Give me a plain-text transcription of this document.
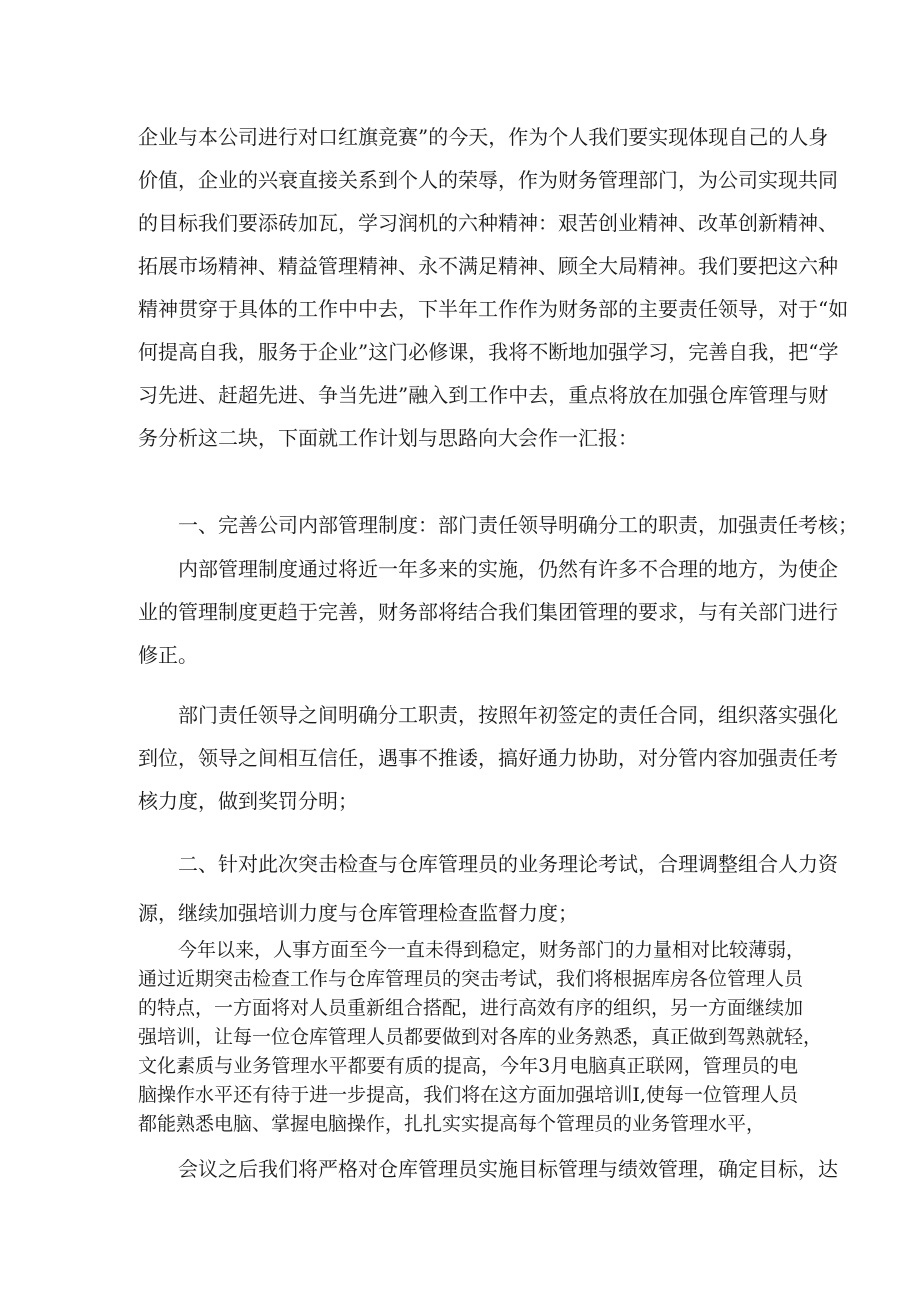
企业与本公司进行对口红旗竞赛”的今天，作为个人我们要实现体现自己的人身
价值，企业的兴衰直接关系到个人的荣辱，作为财务管理部门，为公司实现共同
的目标我们要添砖加瓦，学习润机的六种精神：艰苦创业精神、改革创新精神、
拓展市场精神、精益管理精神、永不满足精神、顾全大局精神。我们要把这六种
精神贯穿于具体的工作中中去，下半年工作作为财务部的主要责任领导，对于“如
何提高自我，服务于企业”这门必修课，我将不断地加强学习，完善自我，把“学
习先进、赶超先进、争当先进”融入到工作中去，重点将放在加强仓库管理与财
务分析这二块，下面就工作计划与思路向大会作一汇报：
一、完善公司内部管理制度：部门责任领导明确分工的职责，加强责任考核；
内部管理制度通过将近一年多来的实施，仍然有许多不合理的地方，为使企
业的管理制度更趋于完善，财务部将结合我们集团管理的要求，与有关部门进行
修正。
部门责任领导之间明确分工职责，按照年初签定的责任合同，组织落实强化
到位，领导之间相互信任，遇事不推诿，搞好通力协助，对分管内容加强责任考
核力度，做到奖罚分明；
二、针对此次突击检查与仓库管理员的业务理论考试，合理调整组合人力资
源，继续加强培训力度与仓库管理检查监督力度；
今年以来，人事方面至今一直未得到稳定，财务部门的力量相对比较薄弱，
通过近期突击检查工作与仓库管理员的突击考试，我们将根据库房各位管理人员
的特点，一方面将对人员重新组合搭配，进行高效有序的组织，另一方面继续加
强培训，让每一位仓库管理人员都要做到对各库的业务熟悉，真正做到驾熟就轻，
文化素质与业务管理水平都要有质的提高，今年3月电脑真正联网，管理员的电
脑操作水平还有待于进一步提高，我们将在这方面加强培训I,使每一位管理人员
都能熟悉电脑、掌握电脑操作，扎扎实实提高每个管理员的业务管理水平，
会议之后我们将严格对仓库管理员实施目标管理与绩效管理，确定目标，达
